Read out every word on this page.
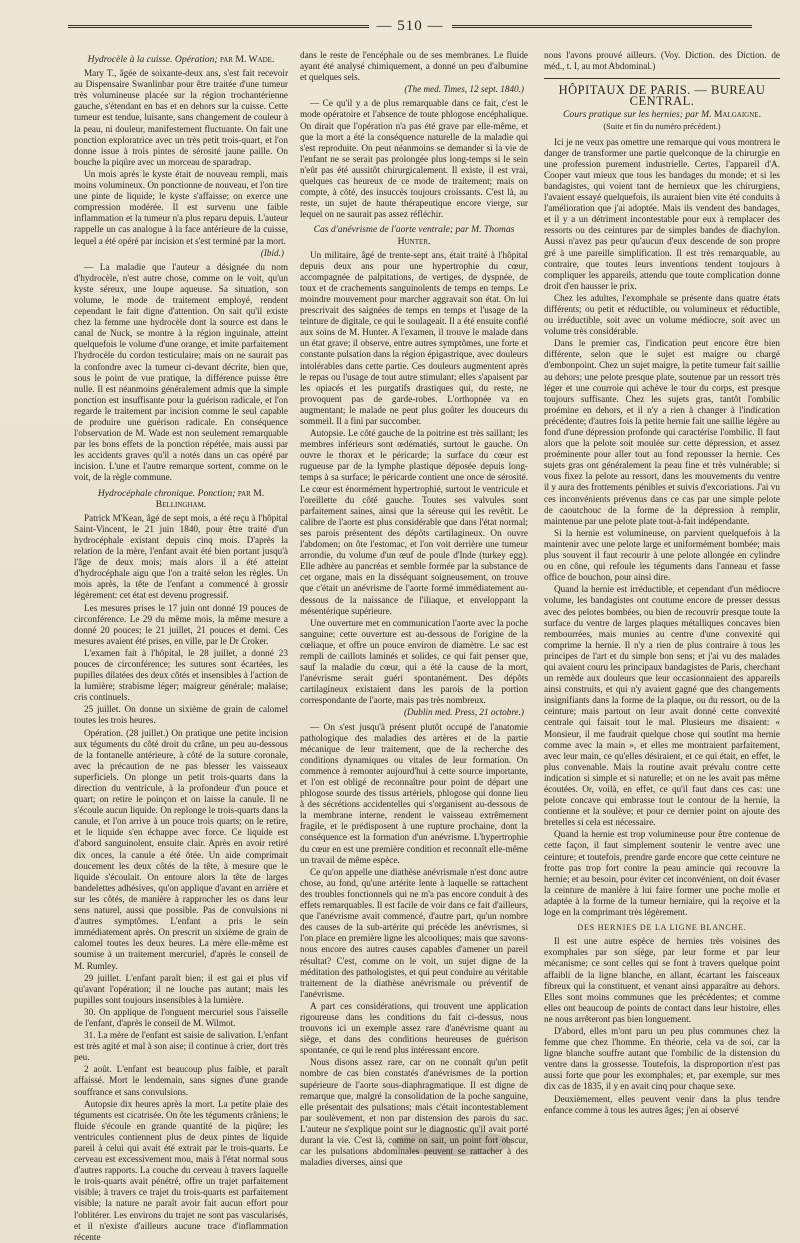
— 510 —
Hydrocèle à la cuisse. Opération; par M. Wade.

Mary T., âgée de soixante-deux ans, s'est fait recevoir au Dispensaire Swanlinbar pour être traitée d'une tumeur très volumineuse placée sur la région trochantérienne gauche, s'étendant en bas et en dehors sur la cuisse. Cette tumeur est tendue, luisante, sans changement de couleur à la peau, ni douleur, manifestement fluctuante. On fait une ponction exploratrice avec un très petit trois-quart, et l'on donne issue à trois pintes de sérosité jaune paille. On bouche la piqûre avec un morceau de sparadrap.

Un mois après le kyste était de nouveau rempli, mais moins volumineux. On ponctionne de nouveau, et l'on tire une pinte de liquide; le kyste s'affaisse; on exerce une compression modérée. Il est survenu une faible inflammation et la tumeur n'a plus reparu depuis. L'auteur rappelle un cas analogue à la face antérieure de la cuisse, lequel a été opéré par incision et s'est terminé par la mort.

(Ibid.)

— La maladie que l'auteur a désignée du nom d'hydrocèle, n'est autre chose, comme on le voit, qu'un kyste séreux, une loupe aqueuse. Sa situation, son volume, le mode de traitement employé, rendent cependant le fait digne d'attention. On sait qu'il existe chez la femme une hydrocèle dont la source est dans le canal de Nuck, se montre à la région inguinale, atteint quelquefois le volume d'une orange, et imite parfaitement l'hydrocèle du cordon testiculaire; mais on ne saurait pas la confondre avec la tumeur ci-devant décrite, bien que, sous le point de vue pratique, la différence puisse être nulle. Il est néanmoins généralement admis que la simple ponction est insuffisante pour la guérison radicale, et l'on regarde le traitement par incision comme le seul capable de produire une guérison radicale. En conséquence l'observation de M. Wade est non seulement remarquable par les bons effets de la ponction répétée, mais aussi par les accidents graves qu'il a notés dans un cas opéré par incision. L'une et l'autre remarque sortent, comme on le voit, de la règle commune.

Hydrocéphale chronique. Ponction; par M. Bellingham.

Patrick M'Kean, âgé de sept mois, a été reçu à l'hôpital Saint-Vincent, le 21 juin 1840, pour être traité d'un hydrocéphale existant depuis cinq mois. D'après la relation de la mère, l'enfant avait été bien portant jusqu'à l'âge de deux mois; mais alors il a été atteint d'hydrocéphale aigu que l'on a traité selon les règles. Un mois après, la tête de l'enfant a commencé à grossir légèrement: cet état est devenu progressif.

Les mesures prises le 17 juin ont donné 19 pouces de circonférence. Le 29 du même mois, la même mesure a donné 20 pouces; le 21 juillet, 21 pouces et demi. Ces mesures avaient été prises, en ville, par le Dr Croker.

L'examen fait à l'hôpital, le 28 juillet, a donné 23 pouces de circonférence; les sutures sont écartées, les pupilles dilatées des deux côtés et insensibles à l'action de la lumière; strabisme léger; maigreur générale; malaise; cris continuels.

25 juillet. On donne un sixième de grain de calomel toutes les trois heures.

Opération. (28 juillet.) On pratique une petite incision aux téguments du côté droit du crâne, un peu au-dessous de la fontanelle antérieure, à côté de la suture coronale, avec la précaution de ne pas blesser les vaisseaux superficiels. On plonge un petit trois-quarts dans la direction du ventricule, à la profondeur d'un pouce et quart; on retire le poinçon et on laisse la canule. Il ne s'écoule aucun liquide. On replonge le trois-quarts dans la canule, et l'on arrive à un pouce trois quarts; on le retire, et le liquide s'en échappe avec force. Ce liquide est d'abord sanguinolent, ensuite clair. Après en avoir retiré dix onces, la canule a été ôtée. Un aide comprimait doucement les deux côtés de la tête, à mesure que le liquide s'écoulait. On entoure alors la tête de larges bandelettes adhésives, qu'on applique d'avant en arrière et sur les côtés, de manière à rapprocher les os dans leur sens naturel, aussi que possible. Pas de convulsions ni d'autres symptômes. L'enfant a pris le sein immédiatement après. On prescrit un sixième de grain de calomel toutes les deux heures. La mère elle-même est soumise à un traitement mercuriel, d'après le conseil de M. Rumley.

29 juillet. L'enfant paraît bien; il est gai et plus vif qu'avant l'opération; il ne louche pas autant; mais les pupilles sont toujours insensibles à la lumière.

30. On applique de l'onguent mercuriel sous l'aisselle de l'enfant, d'après le conseil de M. Wilmot.

31. La mère de l'enfant est saisie de salivation. L'enfant est très agité et mal à son aise; il continue à crier, dort très peu.

2 août. L'enfant est beaucoup plus faible, et paraît affaissé. Mort le lendemain, sans signes d'une grande souffrance et sans convulsions.

Autopsie dix heures après la mort. La petite plaie des téguments est cicatrisée. On ôte les téguments crâniens; le fluide s'écoule en grande quantité de la piqûre; les ventricules contiennent plus de deux pintes de liquide pareil à celui qui avait été extrait par le trois-quarts. Le cerveau est excessivement mou, mais à l'état normal sous d'autres rapports. La couche du cerveau à travers laquelle le trois-quarts avait pénétré, offre un trajet parfaitement visible; à travers ce trajet du trois-quarts est parfaitement visible; la nature ne paraît avoir fait aucun effort pour l'oblitérer. Les environs du trajet ne sont pas vascularisés, et il n'existe d'ailleurs aucune trace d'inflammation récente

dans le reste de l'encéphale ou de ses membranes. Le fluide ayant été analysé chimiquement, a donné un peu d'albumine et quelques sels.

(The med. Times, 12 sept. 1840.)

— Ce qu'il y a de plus remarquable dans ce fait, c'est le mode opératoire et l'absence de toute phlogose encéphalique. On dirait que l'opération n'a pas été grave par elle-même, et que la mort a été la conséquence naturelle de la maladie qui s'est reproduite. On peut néanmoins se demander si la vie de l'enfant ne se serait pas prolongée plus long-temps si le sein n'eût pas été aussitôt chirurgicalement. Il existe, il est vrai, quelques cas heureux de ce mode de traitement; mais on compte, à côté, des insuccès toujours croissants. C'est là, au reste, un sujet de haute thérapeutique encore vierge, sur lequel on ne saurait pas assez réfléchir.

Cas d'anévrisme de l'aorte ventrale; par M. Thomas Hunter.

Un militaire, âgé de trente-sept ans, était traité à l'hôpital depuis deux ans pour une hypertrophie du cœur, accompagnée de palpitations, de vertiges, de dyspnée, de toux et de crachements sanguinolents de temps en temps. Le moindre mouvement pour marcher aggravait son état. On lui prescrivait des saignées de temps en temps et l'usage de la teinture de digitale, ce qui le soulageait. Il a été ensuite confié aux soins de M. Hunter. A l'examen, il trouve le malade dans un état grave; il observe, entre autres symptômes, une forte et constante pulsation dans la région épigastrique, avec douleurs intolérables dans cette partie. Ces douleurs augmentent après le repas ou l'usage de tout autre stimulant; elles s'apaisent par les opiacés et les purgatifs drastiques qui, du reste, ne provoquent pas de garde-robes. L'orthopnée va en augmentant; le malade ne peut plus goûter les douceurs du sommeil. Il a fini par succomber.

Autopsie. Le côté gauche de la poitrine est très saillant; les membres inférieurs sont œdématiés, surtout le gauche. On ouvre le thorax et le péricarde; la surface du cœur est rugueuse par de la lymphe plastique déposée depuis long-temps à sa surface; le péricarde contient une once de sérosité. Le cœur est énormément hypertrophié, surtout le ventricule et l'oreillette du côté gauche. Toutes ses valvules sont parfaitement saines, ainsi que la séreuse qui les revêtit. Le calibre de l'aorte est plus considérable que dans l'état normal; ses parois présentent des dépôts cartilagineux. On ouvre l'abdomen; on ôte l'estomac, et l'on voit derrière une tumeur arrondie, du volume d'un œuf de poule d'Inde (turkey egg). Elle adhère au pancréas et semble formée par la substance de cet organe, mais en la disséquant soigneusement, on trouve que c'était un anévrisme de l'aorte formé immédiatement au-dessous de la naissance de l'iliaque, et enveloppant la mésentérique supérieure.

Une ouverture met en communication l'aorte avec la poche sanguine; cette ouverture est au-dessous de l'origine de la cœliaque, et offre un pouce environ de diamètre. Le sac est rempli de caillots laminés et solides, ce qui fait penser que, sauf la maladie du cœur, qui a été la cause de la mort, l'anévrisme serait guéri spontanément. Des dépôts cartilagineux existaient dans les parois de la portion correspondante de l'aorte, mais pas très nombreux.

(Dublin med. Press, 21 octobre.)

— On s'est jusqu'à présent plutôt occupé de l'anatomie pathologique des maladies des artères et de la partie mécanique de leur traitement, que de la recherche des conditions dynamiques ou vitales de leur formation. On commence à remonter aujourd'hui à cette source importante, et l'on est obligé de reconnaître pour point de départ une phlogose sourde des tissus artériels, phlogose qui donne lieu à des sécrétions accidentelles qui s'organisent au-dessous de la membrane interne, rendent le vaisseau extrêmement fragile, et le prédisposent à une rupture prochaine, dont la conséquence est la formation d'un anévrisme. L'hypertrophie du cœur en est une première condition et reconnaît elle-même un travail de même espèce.

Ce qu'on appelle une diathèse anévrismale n'est donc autre chose, au fond, qu'une artérite lente à laquelle se rattachent des troubles fonctionnels qui ne m'a pas encore conduit à des effets remarquables. Il est facile de voir dans ce fait d'ailleurs, que l'anévrisme avait commencé, d'autre part, qu'un nombre des causes de la sub-artérite qui précède les anévrismes, si l'on place en première ligne les alcooliques; mais que savons-nous encore des autres causes capables d'amener un pareil résultat? C'est, comme on le voit, un sujet digne de la méditation des pathologistes, et qui peut conduire au véritable traitement de la diathèse anévrismale ou préventif de l'anévrisme.

A part ces considérations, qui trouvent une application rigoureuse dans les conditions du fait ci-dessus, nous trouvons ici un exemple assez rare d'anévrisme quant au siège, et dans des conditions heureuses de guérison spontanée, ce qui le rend plus intéressant encore.

Nous disons assez rare, car on ne connaît qu'un petit nombre de cas bien constatés d'anévrismes de la portion supérieure de l'aorte sous-diaphragmatique. Il est digne de remarque que, malgré la consolidation de la poche sanguine, elle présentait des pulsations; mais c'était incontestablement par soulèvement, et non par distension des parois du sac. L'auteur ne s'explique point sur le diagnostic qu'il avait porté durant la vie. C'est là, comme on sait, un point fort obscur, car les pulsations abdominales peuvent se rattacher à des maladies diverses, ainsi que

nous l'avons prouvé ailleurs. (Voy. Diction. des Diction. de méd., t. I, au mot Abdominal.)

HÔPITAUX DE PARIS. — BUREAU CENTRAL.
Cours pratique sur les hernies; par M. Malgaigne.
(Suite et fin du numéro précédent.)

Ici je ne veux pas omettre une remarque qui vous montrera le danger de transformer une partie quelconque de la chirurgie en une profession purement industrielle. Certes, l'appareil d'A. Cooper vaut mieux que tous les bandages du monde; et si les bandagistes, qui voient tant de hernieux que les chirurgiens, l'avaient essayé quelquefois, ils auraient bien vite été conduits à l'amélioration que j'ai adoptée. Mais ils vendent des bandages, et il y a un détriment incontestable pour eux à remplacer des ressorts ou des ceintures par de simples bandes de diachylon. Aussi n'avez pas peur qu'aucun d'eux descende de son propre gré à une pareille simplification. Il est très remarquable, au contraire, que toutes leurs inventions tendent toujours à compliquer les appareils, attendu que toute complication donne droit d'en hausser le prix.

Chez les adultes, l'exomphale se présente dans quatre états différents; ou petit et réductible, ou volumineux et réductible, ou irréductible, soit avec un volume médiocre, soit avec un volume très considérable.

Dans le premier cas, l'indication peut encore être bien différente, selon que le sujet est maigre ou chargé d'embonpoint. Chez un sujet maigre, la petite tumeur fait saillie au dehors; une pelote presque plate, soutenue par un ressort très léger et une courroie qui achève le tour du corps, est presque toujours suffisante. Chez les sujets gras, tantôt l'ombilic proémine en dehors, et il n'y a rien à changer à l'indication précédente; d'autres fois la petite hernie fait une saillie légère au fond d'une dépression profonde qui caractérise l'ombilic. Il faut alors que la pelote soit moulée sur cette dépression, et assez proéminente pour aller tout au fond repousser la hernie. Ces sujets gras ont généralement la peau fine et très vulnérable; si vous fixez la pelote au ressort, dans les mouvements du ventre il y aura des frottements pénibles et suivis d'excoriations. J'ai vu ces inconvénients prévenus dans ce cas par une simple pelote de caoutchouc de la forme de la dépression à remplir, maintenue par une pelote plate tout-à-fait indépendante.

Si la hernie est volumineuse, on parvient quelquefois à la maintenir avec une pelote large et uniformément bombée; mais plus souvent il faut recourir à une pelote allongée en cylindre ou en cône, qui refoule les téguments dans l'anneau et fasse office de bouchon, pour ainsi dire.

Quand la hernie est irréductible, et cependant d'un médiocre volume, les bandagistes ont coutume encore de presser dessus avec des pelotes bombées, ou bien de recouvrir presque toute la surface du ventre de larges plaques métalliques concaves bien rembourrées, mais munies au centre d'une convexité qui comprime la hernie. Il n'y a rien de plus contraire à tous les principes de l'art et du simple bon sens; et j'ai vu des malades qui avaient couru les principaux bandagistes de Paris, cherchant un remède aux douleurs que leur occasionnaient des appareils ainsi construits, et qui n'y avaient gagné que des changements insignifiants dans la forme de la plaque, ou du ressort, ou de la ceinture; mais partout on leur avait donné cette convexité centrale qui faisait tout le mal. Plusieurs me disaient: « Monsieur, il me faudrait quelque chose qui soutînt ma hernie comme avec la main », et elles me montraient parfaitement, avec leur main, ce qu'elles désiraient, et ce qui était, en effet, le plus convenable. Mais la routine avait prévalu contre cette indication si simple et si naturelle; et on ne les avait pas même écoutées. Or, voilà, en effet, ce qu'il faut dans ces cas: une pelote concave qui embrasse tout le contour de la hernie, la contienne et la soulève; et pour ce dernier point on ajoute des bretelles si cela est nécessaire.

Quand la hernie est trop volumineuse pour être contenue de cette façon, il faut simplement soutenir le ventre avec une ceinture; et toutefois, prendre garde encore que cette ceinture ne frotte pas trop fort contre la peau amincie qui recouvre la hernie; et au besoin, pour éviter cet inconvénient, on doit évaser la ceinture de manière à lui faire former une poche molle et adaptée à la forme de la tumeur herniaire, qui la reçoive et la loge en la comprimant très légèrement.

DES HERNIES DE LA LIGNE BLANCHE.

Il est une autre espèce de hernies très voisines des exomphales par son siège, par leur forme et par leur mécanisme; ce sont celles qui se font à travers quelque point affaibli de la ligne blanche, en allant, écartant les faisceaux fibreux qui la constituent, et venant ainsi apparaître au dehors. Elles sont moins communes que les précédentes; et comme elles ont beaucoup de points de contact dans leur histoire, elles ne nous arrêteront pas bien longuement.

D'abord, elles m'ont paru un peu plus communes chez la femme que chez l'homme. En théorie, cela va de soi, car la ligne blanche souffre autant que l'ombilic de la distension du ventre dans la grossesse. Toutefois, la disproportion n'est pas aussi forte que pour les exomphales; et, par exemple, sur mes dix cas de 1835, il y en avait cinq pour chaque sexe.

Deuxièmement, elles peuvent venir dans la plus tendre enfance comme à tous les autres âges; j'en ai observé
